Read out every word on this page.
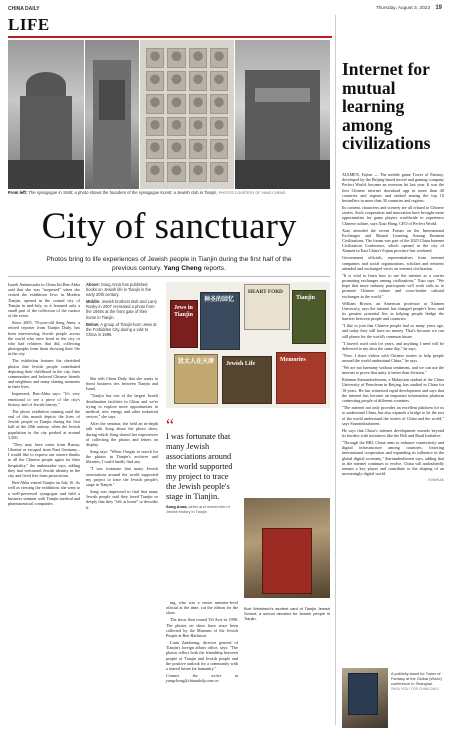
CHINA DAILY	Thursday, August 3, 2023 19
LIFE
From left: The synagogue in 1945; a photo shows the founders of the synagogue Kunst; a Jewish club in Tianjin. PHOTOS COURTESY OF YANG CHENG
City of sanctuary
Photos bring to life experiences of Jewish people in Tianjin during the first half of the previous century. Yang Cheng reports.

Israeli Ambassador to China Irit Ben-Abba said that she was "surprised" when she visited the exhibition Jews in Modern Tianjin, opened in the coastal city of Tianjin in mid-July, as it featured only a small part of the collection of the curator of the event.

Since 2005, 70-year-old Song Anna, a retired reporter from Tianjin Daily, has been interviewing Jewish people across the world who once lived in the city or who had relatives that did, collecting photographs from them showing their life in the city.

The exhibition features the cherished photos that Jewish people contributed depicting their childhood in the city, their communities and beloved Chinese friends and neighbors and many shining moments in their lives.

Impressed, Ben-Abba says: "It's very emotional to see a piece of the city's history, and of Jewish history."

The photo exhibition running until the end of this month depicts the lives of Jewish people in Tianjin during the first half of the 20th century, when the Jewish population in the city peaked at around 3,500.

"They may have come from Russia, Ukraine or escaped from Nazi Germany... I would like to express our sincere thanks to all the Chinese people again for their hospitality," the ambassador says, adding they had welcomed Jewish identity in the city and lived free from persecution.

Ben-Abba visited Tianjin on July 16. As well as viewing the exhibition, she went to a well-preserved synagogue and held a business seminar with Tianjin medical and pharmaceutical companies.

Above: Song Anna has published books on Jewish life in Tianjin in the early 20th century.

Middle: Jewish brothers Bob and Larry Rosky in 2007 recreated a photo from the 1940s at the front gate of their home in Tianjin.

Below: A group of Tianjin-born Jews at the Forbidden City during a visit to China in 1996.

Jews in Tianjin
神圣的回忆
HEART FORD
Tianjin
犹太人在天津 Jewish Life
Memories

She tells China Daily that she wants to boost business ties between Tianjin and Israel.

"Tianjin has one of the largest Israeli desalination facilities in China and we're trying to explore more opportunities in medical, new energy and other industrial sectors," she says.

After the seminar, she held an in-depth talk with Song about the photo show, during which Song shared her experiences of collecting the photos and letters on display.

Song says: "When I began to search for the photos in Tianjin's archives and libraries, I could hardly find any.

"I was fortunate that many Jewish associations around the world supported my project to trace the Jewish people's stage in Tianjin."

Song was impressed to find that many Jewish people said they loved Tianjin so deeply that they "felt at home" to describe it.

“
I was fortunate that many Jewish associations around the world supported my project to trace the Jewish people's stage in Tianjin.
Song Anna, writer and researcher of Jewish history in Tianjin

ing, who was a senior minister-level official at the time, cut the ribbon for the show.

The show then toured Tel Aviv in 1998. The photos on show have since been collected by the Museum of the Jewish People at Beit Hatfutsot.

Liam Zambrang, director general of Tianjin's foreign affairs office, says: "The photos reflect both the friendship between people of Tianjin and Jewish people and the positive outlook for a community with a shared future for humanity."

Contact the writer at yangcheng@chinadaily.com.cn

Burt Weinbach's student card of Tianjin Jewish School, a school devoted for Jewish people in Tianjin.

Internet for mutual learning among civilizations

XIAMEN, Fujian — The mobile game Tower of Fantasy, developed by the Beijing-based movie and gaming company Perfect World, became an overseas hit last year. It was the first Chinese internet download app in more than 40 countries and regions and ranked among the top 10 bestsellers in more than 30 countries and regions.

Its content, characters and scenery are all related to Chinese stories. Such cooperation and innovation have brought more opportunities for game players worldwide to experience Chinese culture, says Xiao Hong, CEO of Perfect World.

Xiao attended the recent Forum on the International Exchanges and Mutual Learning Among Eminent Civilizations. The forum was part of the 2023 China Internet Civilization Conference, which opened in the city of Xiamen in East China's Fujian province last weekend.

Government officials, representatives from internet companies and social organizations, scholars and netizens attended and exchanged views on internet civilization.

"It is vital to learn how to use the internet as a carrier promoting exchanges among civilizations," Xiao says. "We hope that more industry participants will work with us to promote Chinese culture and cross-border cultural exchanges in the world."

William Brown, an American professor at Xiamen University, says the internet has changed people's lives, and its greatest potential lies in helping people bridge the barriers between people and countries.

"I like to join that Chinese people had so many years ago, and today they still have no money. That's because we can still please for the world's common future.

"I haven't used cash for years, and anything I need will be delivered to my door the same day," he says.

"Now, I share videos with Chinese stories to help people around the world understand China," he says.

"We are not harmony without sentiment, and we can use the internet to prove that unity is better than division."

Rahman Starrandoubtoren, a Malaysian student at the China University of Petroleum in Beijing, has studied in China for 10 years. He has witnessed rapid development and says that the internet has become an important information platform connecting people of different countries.

"The internet not only provides an excellent platform for us to understand China, but also expands a bridge to let the rest of the world understand the stories of China and the world," says Starrandoubtoren.

He says that China's internet development extends beyond its borders with initiatives like the Belt and Road Initiative.

"Through the BRI, China aims to enhance connectivity and digital infrastructure among countries, fostering international cooperation and expanding its influence in the global digital economy," Starrandoubtoren says, adding that as the internet continues to evolve, China will undoubtedly remain a key player and contribute to the shaping of an increasingly digital world.

XINHUA
A publicity stand for Tower of Fantasy at the Global (World) conference in Shanghai.
ZHOU YOU / FOR CHINA DAILY
